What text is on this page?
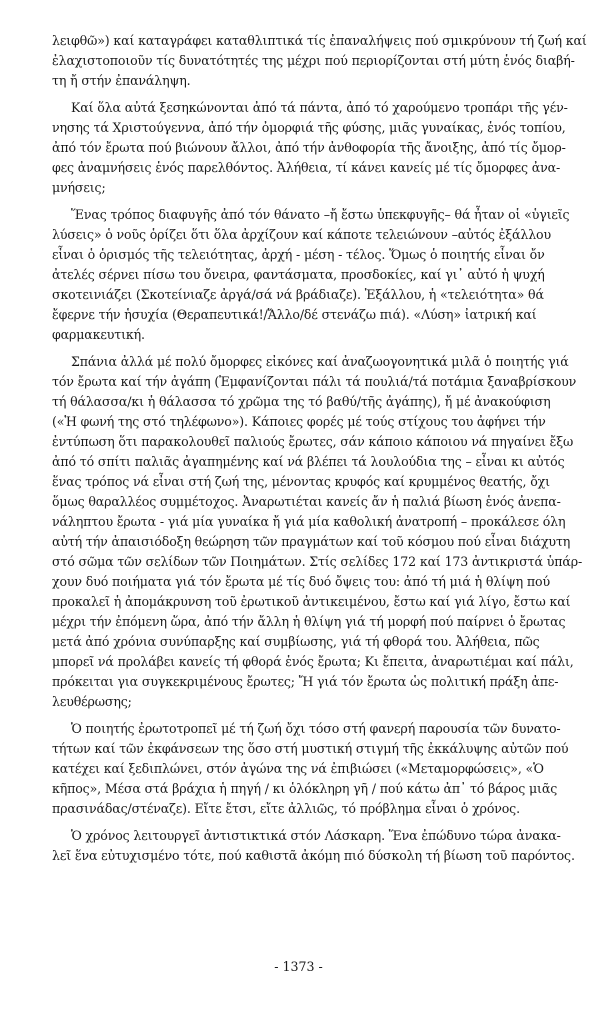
λειφθῶ») καί καταγράφει καταθλιπτικά τίς ἐπαναλήψεις πού σμικρύνουν τή ζωή καί
ἐλαχιστοποιοῦν τίς δυνατότητές της μέχρι πού περιορίζονται στή μύτη ἑνός διαβή-
τη ἤ στήν ἐπανάληψη.
Καί ὅλα αὐτά ξεσηκώνονται ἀπό τά πάντα, ἀπό τό χαρούμενο τροπάρι τῆς γέν-
νησης τά Χριστούγεννα, ἀπό τήν ὀμορφιά τῆς φύσης, μιᾶς γυναίκας, ἑνός τοπίου,
ἀπό τόν ἔρωτα πού βιώνουν ἄλλοι, ἀπό τήν ἀνθοφορία τῆς ἄνοιξης, ἀπό τίς ὄμορ-
φες ἀναμνήσεις ἑνός παρελθόντος. Ἀλήθεια, τί κάνει κανείς μέ τίς ὄμορφες ἀνα-
μνήσεις;
Ἕνας τρόπος διαφυγῆς ἀπό τόν θάνατο –ἤ ἔστω ὑπεκφυγῆς– θά ἦταν οἱ «ὑγιεῖς
λύσεις» ὁ νοῦς ὁρίζει ὅτι ὅλα ἀρχίζουν καί κάποτε τελειώνουν –αὐτός ἐξάλλου
εἶναι ὁ ὁρισμός τῆς τελειότητας, ἀρχή - μέση - τέλος. Ὅμως ὁ ποιητής εἶναι ὄν
ἀτελές σέρνει πίσω του ὄνειρα, φαντάσματα, προσδοκίες, καί γι᾽ αὐτό ἡ ψυχή
σκοτεινιάζει (Σκοτείνιαζε ἀργά/σά νά βράδιαζε). Ἐξάλλου, ἡ «τελειότητα» θά
ἔφερνε τήν ἡσυχία (Θεραπευτικά!/Ἄλλο/δέ στενάζω πιά). «Λύση» ἰατρική καί
φαρμακευτική.
Σπάνια ἀλλά μέ πολύ ὄμορφες εἰκόνες καί ἀναζωογονητικά μιλᾶ ὁ ποιητής γιά
τόν ἔρωτα καί τήν ἀγάπη (Ἐμφανίζονται πάλι τά πουλιά/τά ποτάμια ξαναβρίσκουν
τή θάλασσα/κι ἡ θάλασσα τό χρῶμα της τό βαθύ/τῆς ἀγάπης), ἤ μέ ἀνακούφιση
(«Ἡ φωνή της στό τηλέφωνο»). Κάποιες φορές μέ τούς στίχους του ἀφήνει τήν
ἐντύπωση ὅτι παρακολουθεῖ παλιούς ἔρωτες, σάν κάποιο κάποιου νά πηγαίνει ἔξω
ἀπό τό σπίτι παλιᾶς ἀγαπημένης καί νά βλέπει τά λουλούδια της – εἶναι κι αὐτός
ἕνας τρόπος νά εἶναι στή ζωή της, μένοντας κρυφός καί κρυμμένος θεατής, ὄχι
ὅμως θαραλλέος συμμέτοχος. Ἀναρωτιέται κανείς ἄν ἡ παλιά βίωση ἑνός ἀνεπα-
νάληπτου ἔρωτα - γιά μία γυναίκα ἤ γιά μία καθολική ἀνατροπή – προκάλεσε όλη
αὐτή τήν ἀπαισιόδοξη θεώρηση τῶν πραγμάτων καί τοῦ κόσμου πού εἶναι διάχυτη
στό σῶμα τῶν σελίδων τῶν Ποιημάτων. Στίς σελίδες 172 καί 173 ἀντικριστά ὑπάρ-
χουν δυό ποιήματα γιά τόν ἔρωτα μέ τίς δυό ὄψεις του: ἀπό τή μιά ἡ θλίψη πού
προκαλεῖ ἡ ἀπομάκρυνση τοῦ ἐρωτικοῦ ἀντικειμένου, ἔστω καί γιά λίγο, ἔστω καί
μέχρι τήν ἐπόμενη ὥρα, ἀπό τήν ἄλλη ἡ θλίψη γιά τή μορφή πού παίρνει ὁ ἔρωτας
μετά ἀπό χρόνια συνύπαρξης καί συμβίωσης, γιά τή φθορά του. Ἀλήθεια, πῶς
μπορεῖ νά προλάβει κανείς τή φθορά ἑνός ἔρωτα; Κι ἔπειτα, ἀναρωτιέμαι καί πάλι,
πρόκειται για συγκεκριμένους ἔρωτες; Ἤ γιά τόν ἔρωτα ὡς πολιτική πράξη ἀπε-
λευθέρωσης;
Ὁ ποιητής ἐρωτοτροπεῖ μέ τή ζωή ὄχι τόσο στή φανερή παρουσία τῶν δυνατο-
τήτων καί τῶν ἐκφάνσεων της ὅσο στή μυστική στιγμή τῆς ἐκκάλυψης αὐτῶν πού
κατέχει καί ξεδιπλώνει, στόν ἀγώνα της νά ἐπιβιώσει («Μεταμορφώσεις», «Ὁ
κῆπος», Μέσα στά βράχια ἡ πηγή / κι ὁλόκληρη γῆ / πού κάτω ἀπ᾽ τό βάρος μιᾶς
πρασινάδας/στέναζε). Εἴτε ἔτσι, εἴτε ἀλλιῶς, τό πρόβλημα εἶναι ὁ χρόνος.
Ὁ χρόνος λειτουργεῖ ἀντιστικτικά στόν Λάσκαρη. Ἕνα ἐπώδυνο τώρα ἀνακα-
λεῖ ἕνα εὐτυχισμένο τότε, πού καθιστᾶ ἀκόμη πιό δύσκολη τή βίωση τοῦ παρόντος.
- 1373 -
